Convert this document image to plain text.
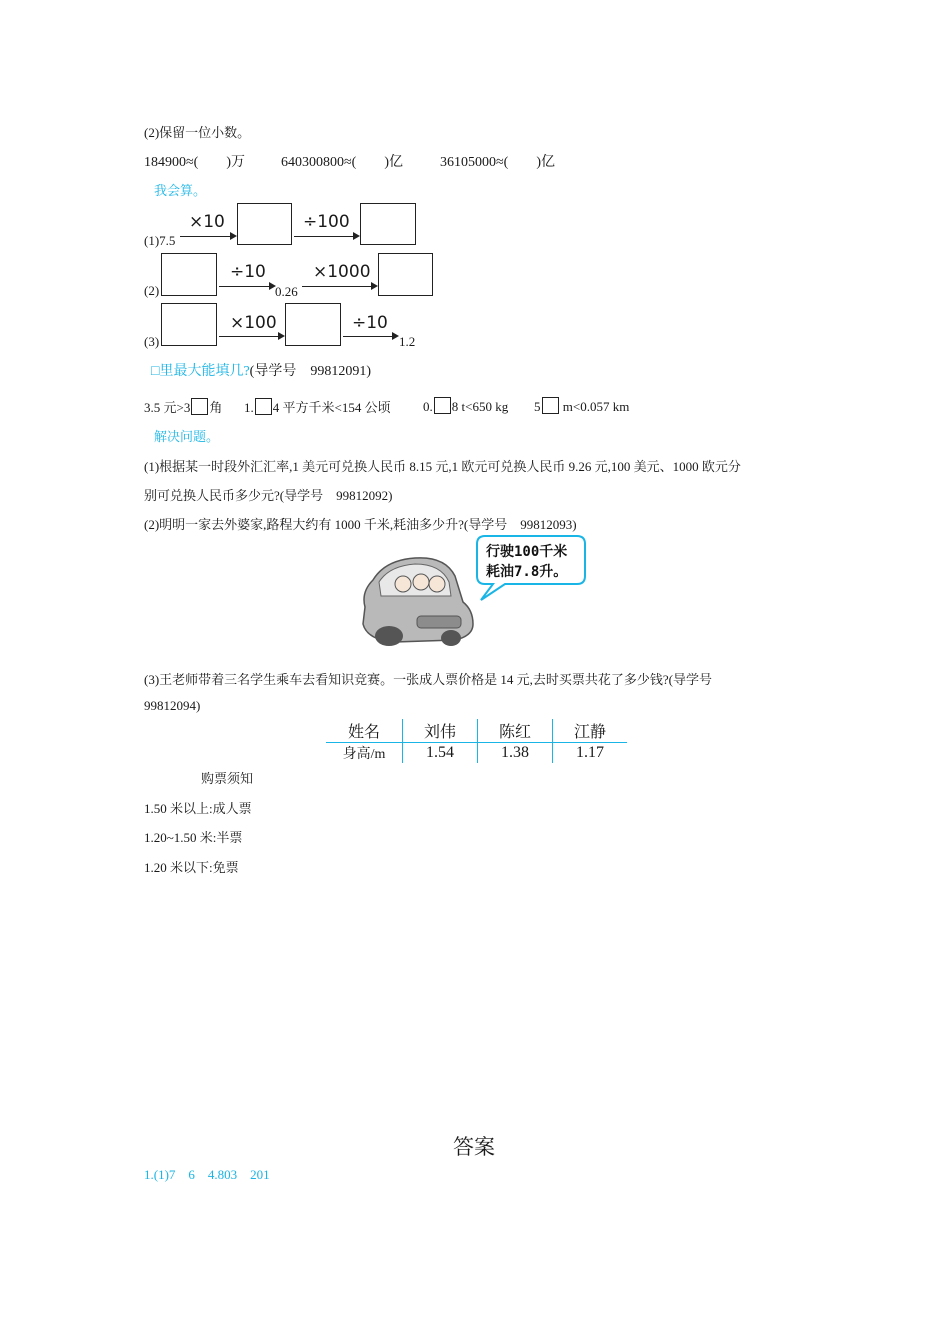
(2)保留一位小数。
184900≈(　　)万	640300800≈(　　)亿	36105000≈(　　)亿
我会算。
(1)7.5
×10	÷100
(2)
÷10
0.26
×1000
(3)
×100	÷10
1.2
□里最大能填几?(导学号　99812091)
3.5 元>3 角 1. 4 平方千米<154 公顷 0. 8 t<650 kg 5 m<0.057 km
解决问题。
(1)根据某一时段外汇汇率,1 美元可兑换人民币 8.15 元,1 欧元可兑换人民币 9.26 元,100 美元、1000 欧元分
别可兑换人民币多少元?(导学号　99812092)
(2)明明一家去外婆家,路程大约有 1000 千米,耗油多少升?(导学号　99812093)
行驶100千米
耗油7.8升。
(3)王老师带着三名学生乘车去看知识竞赛。一张成人票价格是 14 元,去时买票共花了多少钱?(导学号
99812094)
姓名	刘伟	陈红	江静
身高/m	1.54	1.38	1.17
购票须知
1.50 米以上:成人票
1.20~1.50 米:半票
1.20 米以下:免票
答案
1.(1)7　6　4.803　201
